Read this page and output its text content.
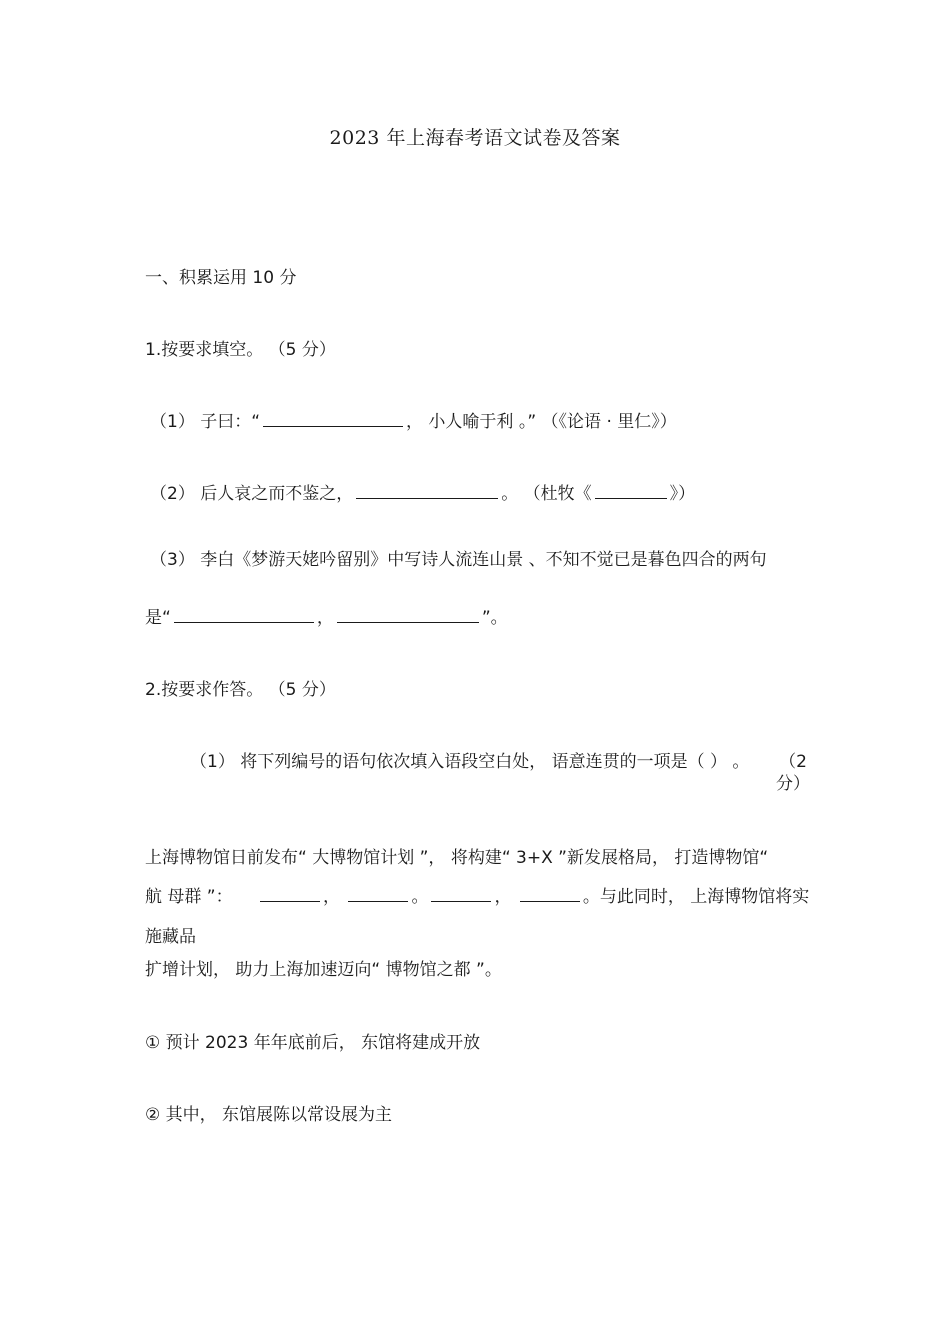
2023 年上海春考语文试卷及答案
一、积累运用 10 分
1.按要求填空。 （5 分）
（1） 子曰：“	， 小人喻于利 。” （《论语 · 里仁》）
（2） 后人哀之而不鉴之，	。 （杜牧《	》）
（3） 李白《梦游天姥吟留别》中写诗人流连山景 、不知不觉已是暮色四合的两句
是“	，	”。
2.按要求作答。 （5 分）
（1） 将下列编号的语句依次填入语段空白处， 语意连贯的一项是（ ） 。	（2
分）
上海博物馆日前发布“ 大博物馆计划 ”， 将构建“ 3+X ”新发展格局， 打造博物馆“
航 母群 ”：	，	。	，	。与此同时， 上海博物馆将实
施藏品
扩增计划， 助力上海加速迈向“ 博物馆之都 ”。
① 预计 2023 年年底前后， 东馆将建成开放
② 其中， 东馆展陈以常设展为主
